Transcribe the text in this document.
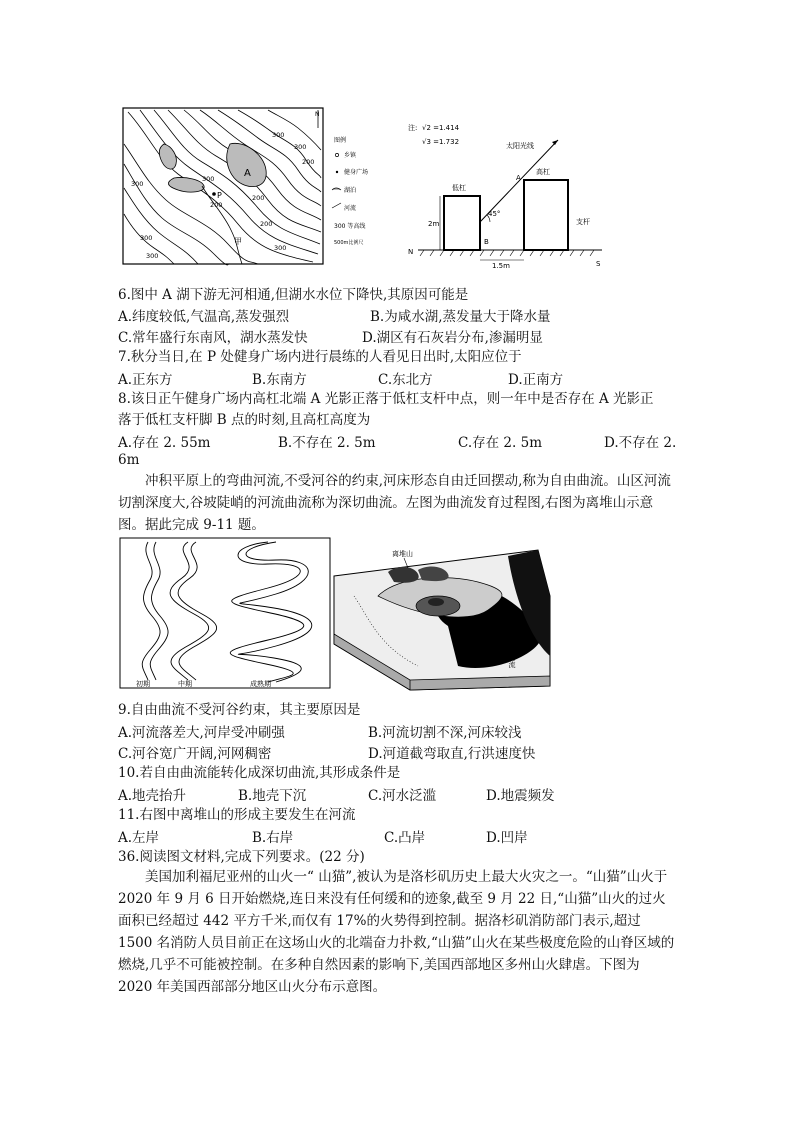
P
A
甲
300
200
300
300
200
300
200
300
200
300
300
N
图例
乡镇
健身广场
湖泊
河流
300 等高线
500m比例尺
注: √2 =1.414
√3 =1.732	太阳光线
N
S
低杠
2m
高杠
支杆
A
B
45°
1.5m
6.图中 A 湖下游无河相通,但湖水水位下降快,其原因可能是
A.纬度较低,气温高,蒸发强烈	B.为咸水湖,蒸发量大于降水量
C.常年盛行东南风，湖水蒸发快	D.湖区有石灰岩分布,渗漏明显
7.秋分当日,在 P 处健身广场内进行晨练的人看见日出时,太阳应位于
A.正东方	B.东南方	C.东北方	D.正南方
8.该日正午健身广场内高杠北端 A 光影正落于低杠支杆中点，则一年中是否存在 A 光影正
落于低杠支杆脚 B 点的时刻,且高杠高度为
A.存在 2. 55m	B.不存在 2. 5m	C.存在 2. 5m	D.不存在 2.
6m
冲积平原上的弯曲河流,不受河谷的约束,河床形态自由迁回摆动,称为自由曲流。山区河流切割深度大,谷坡陡峭的河流曲流称为深切曲流。左图为曲流发育过程图,右图为离堆山示意图。据此完成 9-11 题。
初期	中期	成熟期
离堆山
河流
9.自由曲流不受河谷约束，其主要原因是
A.河流落差大,河岸受冲刷强	B.河流切割不深,河床较浅
C.河谷宽广开阔,河网稠密	D.河道截弯取直,行洪速度快
10.若自由曲流能转化成深切曲流,其形成条件是
A.地壳抬升	B.地壳下沉	C.河水泛滥	D.地震频发
11.右图中离堆山的形成主要发生在河流
A.左岸	B.右岸	C.凸岸	D.凹岸
36.阅读图文材料,完成下列要求。(22 分)
美国加利福尼亚州的山火一“ 山猫”,被认为是洛杉矶历史上最大火灾之一。“山猫”山火于 2020 年 9 月 6 日开始燃烧,连日来没有任何缓和的迹象,截至 9 月 22 日,“山猫”山火的过火面积已经超过 442 平方千米,而仅有 17%的火势得到控制。据洛杉矶消防部门表示,超过 1500 名消防人员目前正在这场山火的北端奋力扑救,“山猫”山火在某些极度危险的山脊区域的燃烧,几乎不可能被控制。在多种自然因素的影响下,美国西部地区多州山火肆虐。下图为 2020 年美国西部部分地区山火分布示意图。
